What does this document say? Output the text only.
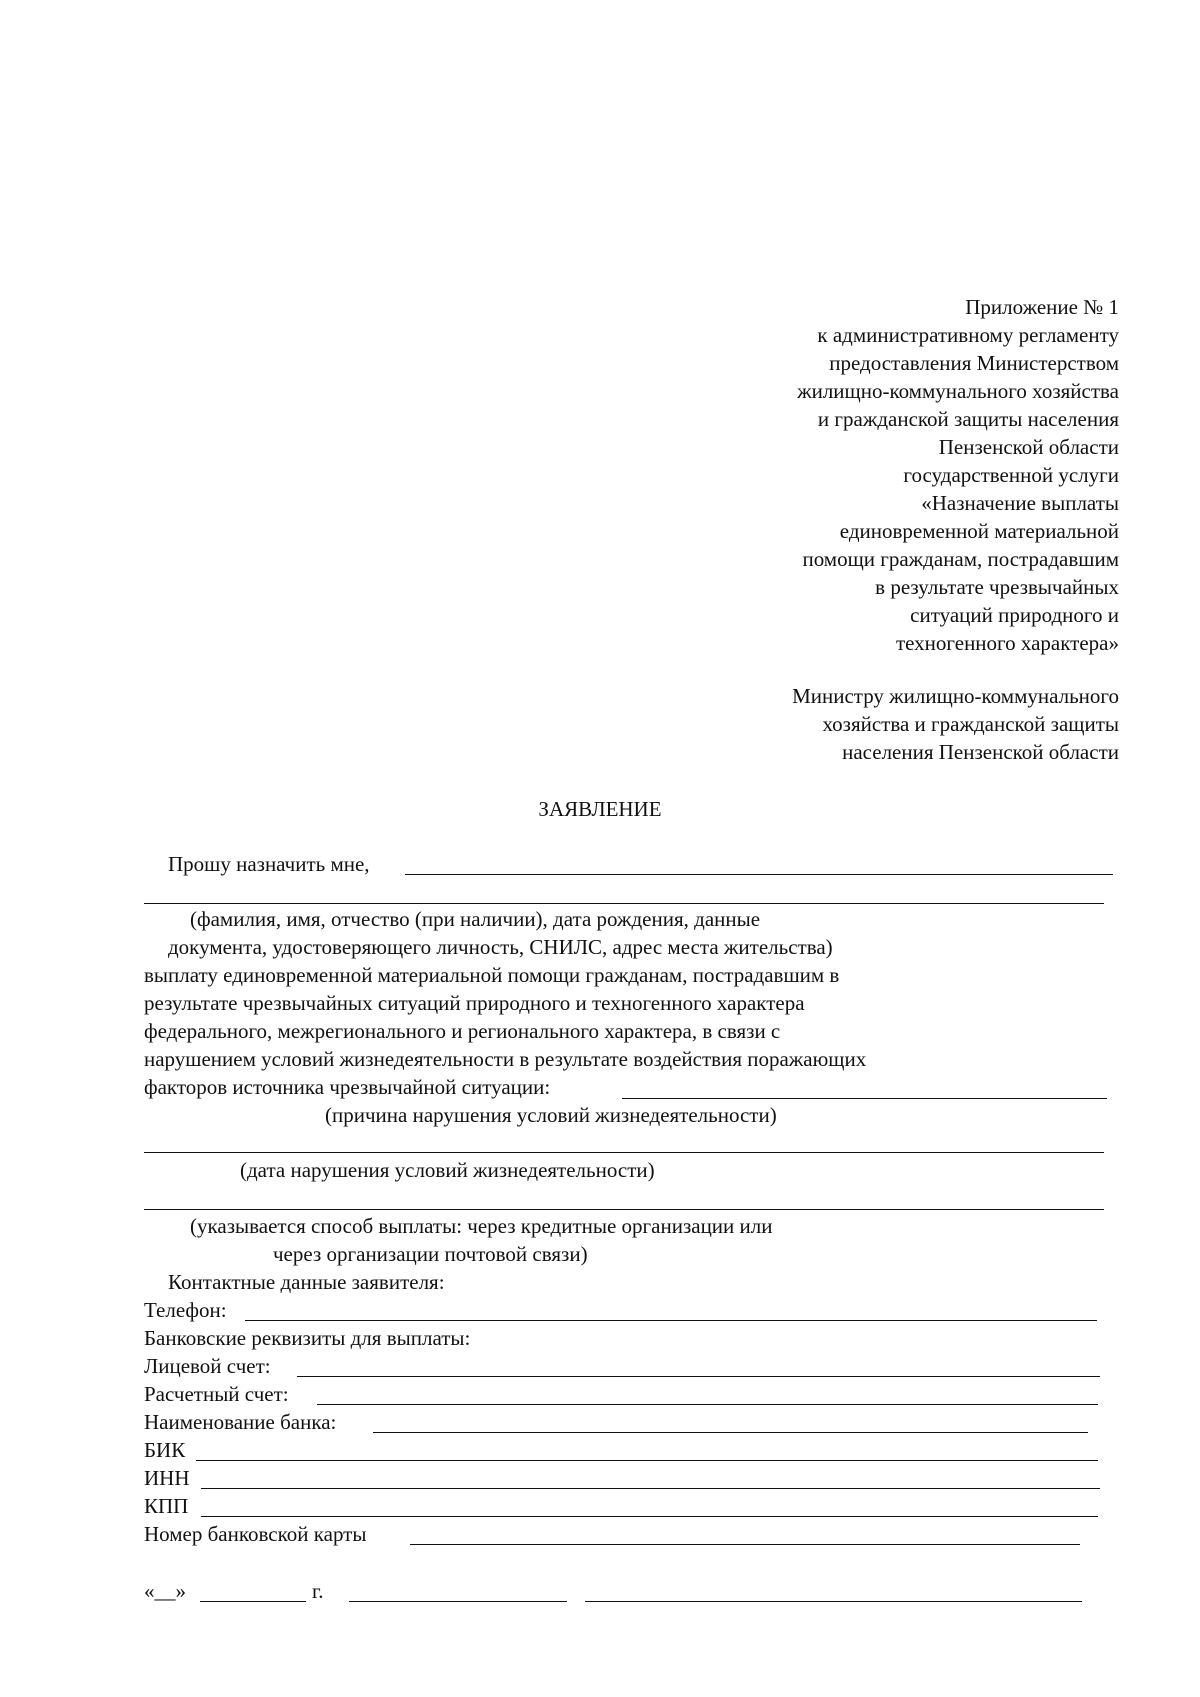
Приложение № 1
к административному регламенту
предоставления Министерством
жилищно-коммунального хозяйства
и гражданской защиты населения
Пензенской области
государственной услуги
«Назначение выплаты
единовременной материальной
помощи гражданам, пострадавшим
в результате чрезвычайных
ситуаций природного и
техногенного характера»
Министру жилищно-коммунального
хозяйства и гражданской защиты
населения Пензенской области
ЗАЯВЛЕНИЕ
Прошу назначить мне,
(фамилия, имя, отчество (при наличии), дата рождения, данные
документа, удостоверяющего личность, СНИЛС, адрес места жительства)
выплату единовременной материальной помощи гражданам, пострадавшим в
результате чрезвычайных ситуаций природного и техногенного характера
федерального, межрегионального и регионального характера, в связи с
нарушением условий жизнедеятельности в результате воздействия поражающих
факторов источника чрезвычайной ситуации:
(причина нарушения условий жизнедеятельности)
(дата нарушения условий жизнедеятельности)
(указывается способ выплаты: через кредитные организации или
через организации почтовой связи)
Контактные данные заявителя:
Телефон:
Банковские реквизиты для выплаты:
Лицевой счет:
Расчетный счет:
Наименование банка:
БИК
ИНН
КПП
Номер банковской карты
«__»	г.
